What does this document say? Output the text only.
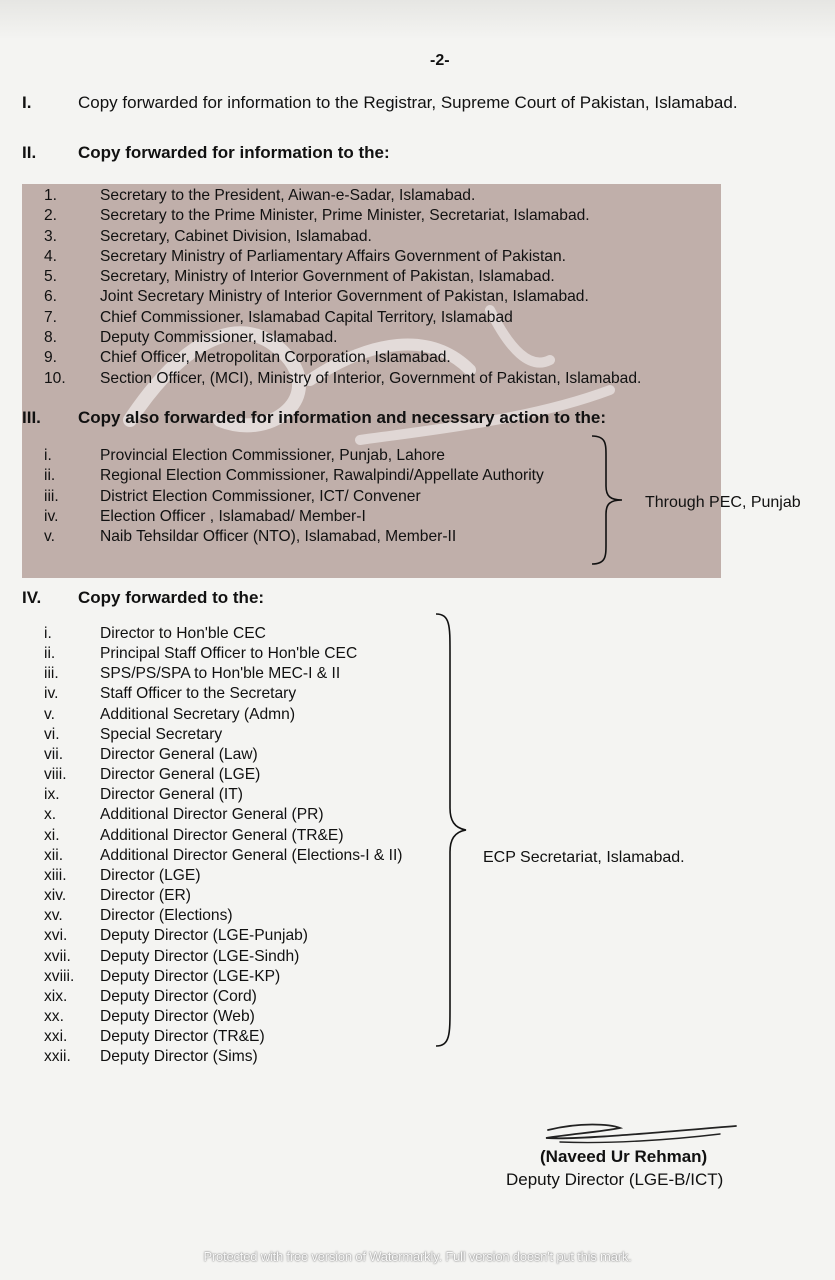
-2-
I.	Copy forwarded for information to the Registrar, Supreme Court of Pakistan, Islamabad.
II. Copy forwarded for information to the:
1.	Secretary to the President, Aiwan-e-Sadar, Islamabad.
2.	Secretary to the Prime Minister, Prime Minister, Secretariat, Islamabad.
3.	Secretary, Cabinet Division, Islamabad.
4.	Secretary Ministry of Parliamentary Affairs Government of Pakistan.
5.	Secretary, Ministry of Interior Government of Pakistan, Islamabad.
6.	Joint Secretary Ministry of Interior Government of Pakistan, Islamabad.
7.	Chief Commissioner, Islamabad Capital Territory, Islamabad
8.	Deputy Commissioner, Islamabad.
9.	Chief Officer, Metropolitan Corporation, Islamabad.
10.	Section Officer, (MCI), Ministry of Interior, Government of Pakistan, Islamabad.
III. Copy also forwarded for information and necessary action to the:
i.	Provincial Election Commissioner, Punjab, Lahore
ii.	Regional Election Commissioner, Rawalpindi/Appellate Authority
iii.	District Election Commissioner, ICT/ Convener
iv.	Election Officer , Islamabad/ Member-I
v.	Naib Tehsildar Officer (NTO), Islamabad, Member-II
Through PEC, Punjab
IV. Copy forwarded to the:
i.	Director to Hon'ble CEC
ii.	Principal Staff Officer to Hon'ble CEC
iii.	SPS/PS/SPA to Hon'ble MEC-I & II
iv.	Staff Officer to the Secretary
v.	Additional Secretary (Admn)
vi.	Special Secretary
vii.	Director General (Law)
viii.	Director General (LGE)
ix.	Director General (IT)
x.	Additional Director General (PR)
xi.	Additional Director General (TR&E)
xii.	Additional Director General (Elections-I & II)
xiii.	Director (LGE)
xiv.	Director (ER)
xv.	Director (Elections)
xvi.	Deputy Director (LGE-Punjab)
xvii.	Deputy Director (LGE-Sindh)
xviii.	Deputy Director (LGE-KP)
xix.	Deputy Director (Cord)
xx.	Deputy Director (Web)
xxi.	Deputy Director (TR&E)
xxii.	Deputy Director (Sims)
ECP Secretariat, Islamabad.
(Naveed Ur Rehman)
Deputy Director (LGE-B/ICT)
Protected with free version of Watermarkly. Full version doesn't put this mark.
